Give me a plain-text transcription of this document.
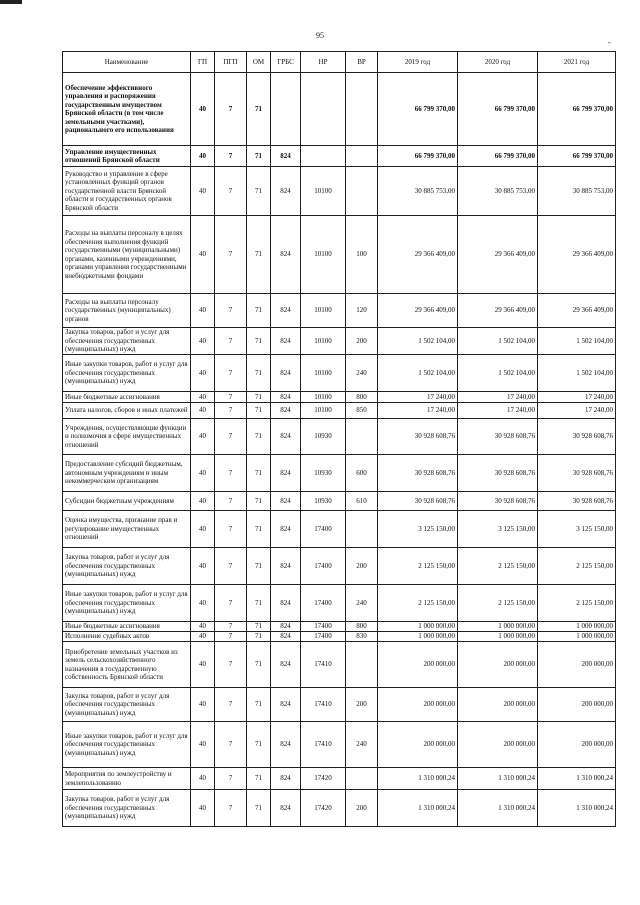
95
-
Наименование	ГП	ПГП	ОМ	ГРБС	НР	ВР	2019 год	2020 год	2021 год
Обеспечение эффективного управления и распоряжения государственным имуществом Брянской области (в том числе земельными участками), рационального его использования	40	7	71				66 799 370,00	66 799 370,00	66 799 370,00
Управление имущественных отношений Брянской области	40	7	71	824			66 799 370,00	66 799 370,00	66 799 370,00
Руководство и управление в сфере установленных функций органов государственной власти Брянской области и государственных органов Брянской области	40	7	71	824	10100		30 885 753,00	30 885 753,00	30 885 753,00
Расходы на выплаты персоналу в целях обеспечения выполнения функций государственными (муниципальными) органами, казенными учреждениями, органами управления государственными внебюджетными фондами	40	7	71	824	10100	100	29 366 409,00	29 366 409,00	29 366 409,00
Расходы на выплаты персоналу государственных (муниципальных) органов	40	7	71	824	10100	120	29 366 409,00	29 366 409,00	29 366 409,00
Закупка товаров, работ и услуг для обеспечения государственных (муниципальных) нужд	40	7	71	824	10100	200	1 502 104,00	1 502 104,00	1 502 104,00
Иные закупки товаров, работ и услуг для обеспечения государственных (муниципальных) нужд	40	7	71	824	10100	240	1 502 104,00	1 502 104,00	1 502 104,00
Иные бюджетные ассигнования	40	7	71	824	10100	800	17 240,00	17 240,00	17 240,00
Уплата налогов, сборов и иных платежей	40	7	71	824	10100	850	17 240,00	17 240,00	17 240,00
Учреждения, осуществляющие функции и полномочия в сфере имущественных отношений	40	7	71	824	10930		30 928 608,76	30 928 608,76	30 928 608,76
Предоставление субсидий бюджетным, автономным учреждениям и иным некоммерческим организациям	40	7	71	824	10930	600	30 928 608,76	30 928 608,76	30 928 608,76
Субсидии бюджетным учреждениям	40	7	71	824	10930	610	30 928 608,76	30 928 608,76	30 928 608,76
Оценка имущества, признание прав и регулирование имущественных отношений	40	7	71	824	17400		3 125 150,00	3 125 150,00	3 125 150,00
Закупка товаров, работ и услуг для обеспечения государственных (муниципальных) нужд	40	7	71	824	17400	200	2 125 150,00	2 125 150,00	2 125 150,00
Иные закупки товаров, работ и услуг для обеспечения государственных (муниципальных) нужд	40	7	71	824	17400	240	2 125 150,00	2 125 150,00	2 125 150,00
Иные бюджетные ассигнования	40	7	71	824	17400	800	1 000 000,00	1 000 000,00	1 000 000,00
Исполнение судебных актов	40	7	71	824	17400	830	1 000 000,00	1 000 000,00	1 000 000,00
Приобретение земельных участков из земель сельскохозяйственного назначения в государственную собственность Брянской области	40	7	71	824	17410		200 000,00	200 000,00	200 000,00
Закупка товаров, работ и услуг для обеспечения государственных (муниципальных) нужд	40	7	71	824	17410	200	200 000,00	200 000,00	200 000,00
Иные закупки товаров, работ и услуг для обеспечения государственных (муниципальных) нужд	40	7	71	824	17410	240	200 000,00	200 000,00	200 000,00
Мероприятия по землеустройству и землепользованию	40	7	71	824	17420		1 310 000,24	1 310 000,24	1 310 000,24
Закупка товаров, работ и услуг для обеспечения государственных (муниципальных) нужд	40	7	71	824	17420	200	1 310 000,24	1 310 000,24	1 310 000,24
